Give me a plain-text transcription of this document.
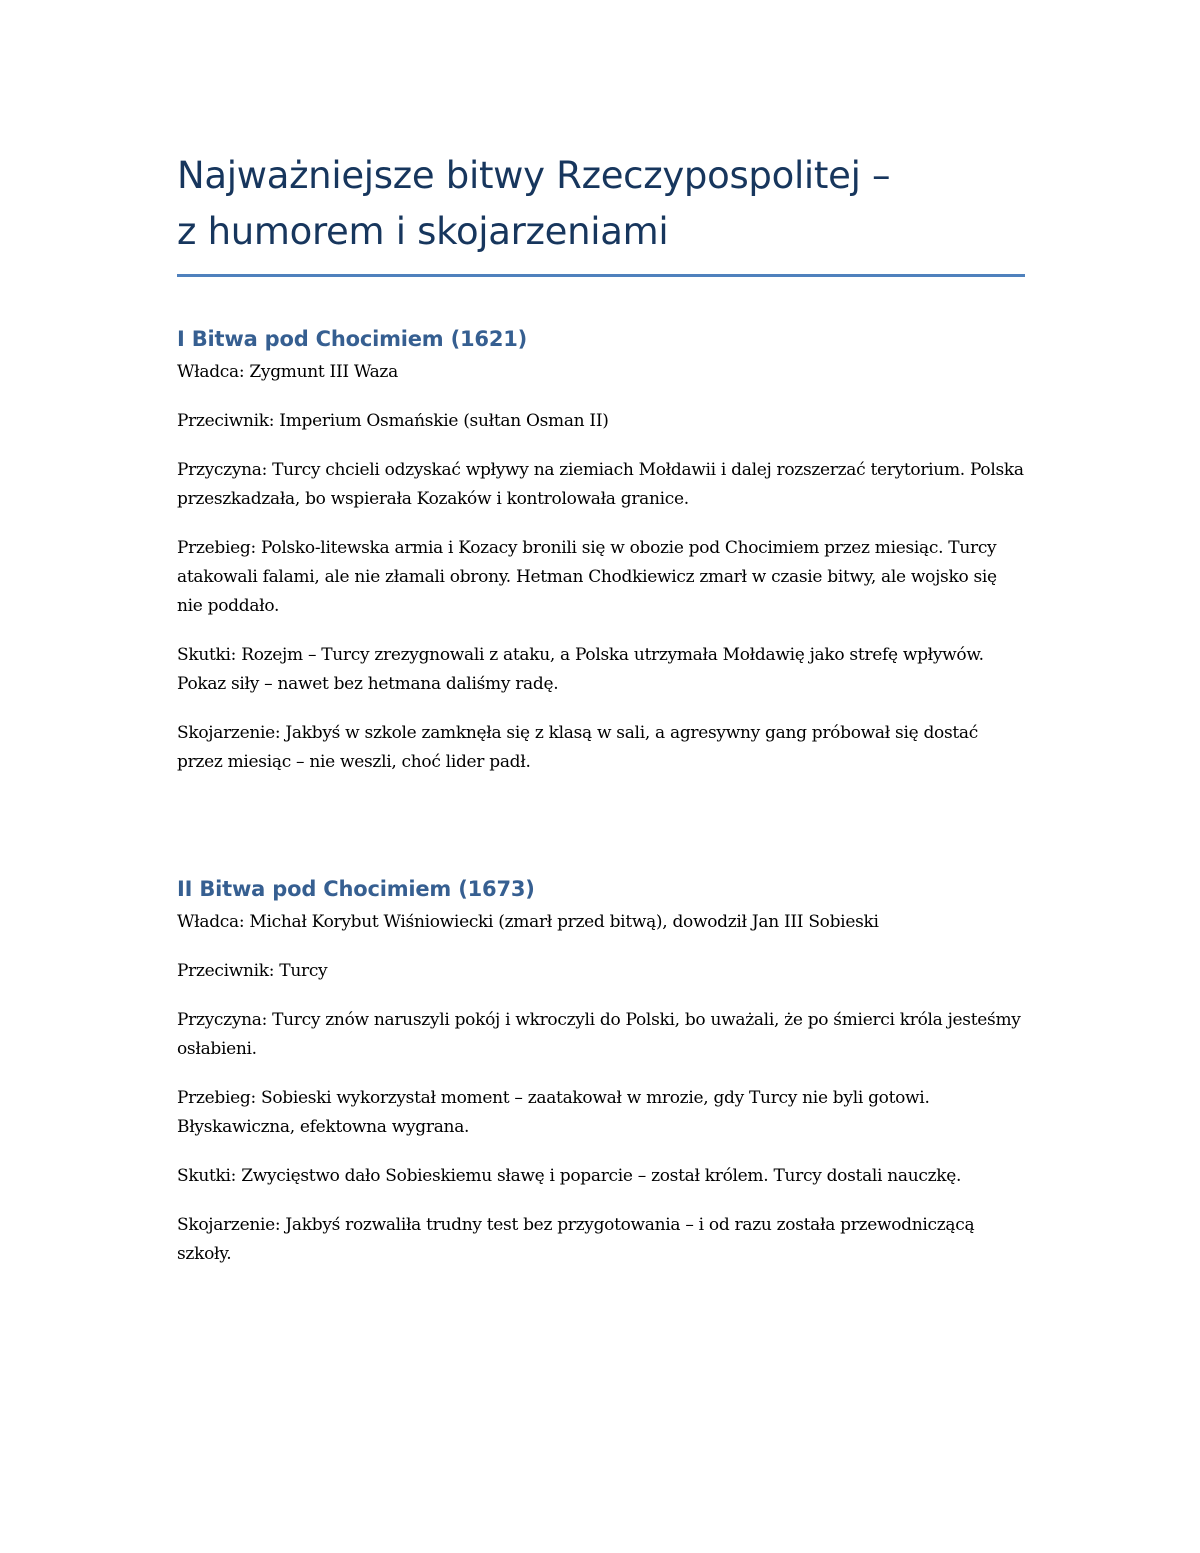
Najważniejsze bitwy Rzeczypospolitej –
z humorem i skojarzeniami
I Bitwa pod Chocimiem (1621)

Władca: Zygmunt III Waza

Przeciwnik: Imperium Osmańskie (sułtan Osman II)

Przyczyna: Turcy chcieli odzyskać wpływy na ziemiach Mołdawii i dalej rozszerzać terytorium. Polska przeszkadzała, bo wspierała Kozaków i kontrolowała granice.

Przebieg: Polsko-litewska armia i Kozacy bronili się w obozie pod Chocimiem przez miesiąc. Turcy atakowali falami, ale nie złamali obrony. Hetman Chodkiewicz zmarł w czasie bitwy, ale wojsko się nie poddało.

Skutki: Rozejm – Turcy zrezygnowali z ataku, a Polska utrzymała Mołdawię jako strefę wpływów. Pokaz siły – nawet bez hetmana daliśmy radę.

Skojarzenie: Jakbyś w szkole zamknęła się z klasą w sali, a agresywny gang próbował się dostać przez miesiąc – nie weszli, choć lider padł.

II Bitwa pod Chocimiem (1673)

Władca: Michał Korybut Wiśniowiecki (zmarł przed bitwą), dowodził Jan III Sobieski

Przeciwnik: Turcy

Przyczyna: Turcy znów naruszyli pokój i wkroczyli do Polski, bo uważali, że po śmierci króla jesteśmy osłabieni.

Przebieg: Sobieski wykorzystał moment – zaatakował w mrozie, gdy Turcy nie byli gotowi. Błyskawiczna, efektowna wygrana.

Skutki: Zwycięstwo dało Sobieskiemu sławę i poparcie – został królem. Turcy dostali nauczkę.

Skojarzenie: Jakbyś rozwaliła trudny test bez przygotowania – i od razu została przewodniczącą szkoły.
